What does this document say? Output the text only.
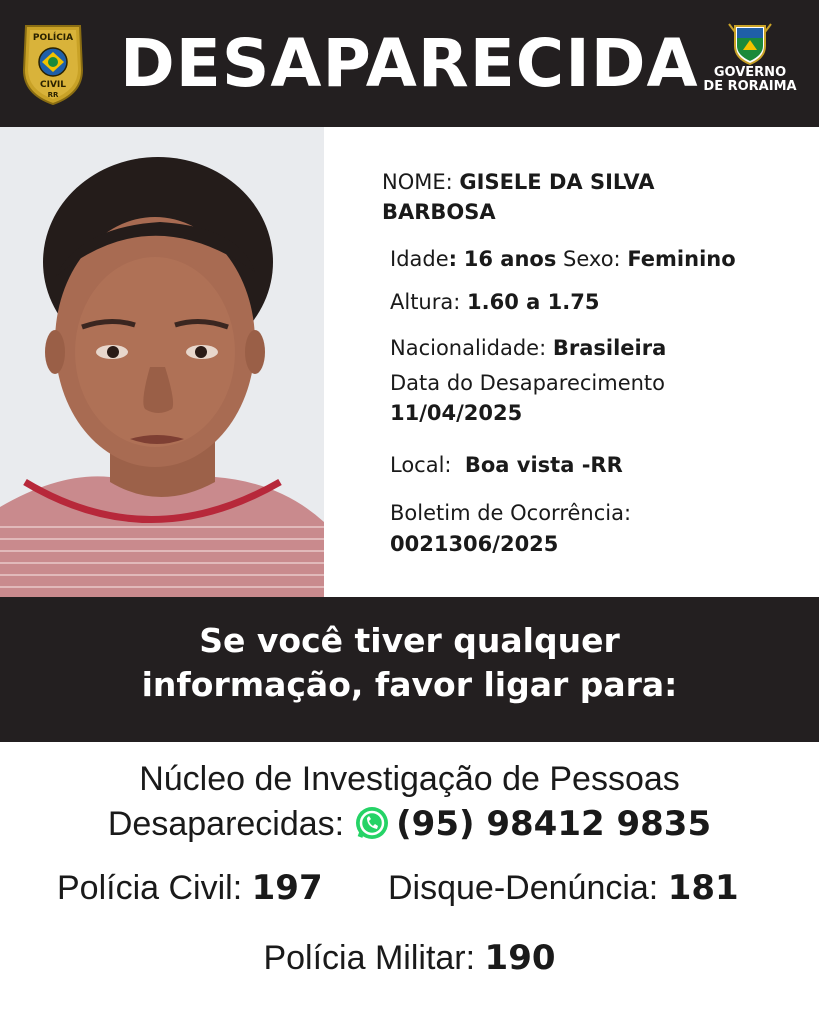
POLÍCIA
CIVIL
RR DESAPARECIDA	GOVERNO
DE RORAIMA
NOME: GISELE DA SILVA
BARBOSA
Idade: 16 anos Sexo: Feminino
Altura: 1.60 a 1.75
Nacionalidade: Brasileira
Data do Desaparecimento
11/04/2025
Local: Boa vista -RR
Boletim de Ocorrência:
0021306/2025
Se você tiver qualquer
informação, favor ligar para:
Núcleo de Investigação de Pessoas
Desaparecidas: (95) 98412 9835
Polícia Civil: 197 Disque-Denúncia: 181
Polícia Militar: 190
